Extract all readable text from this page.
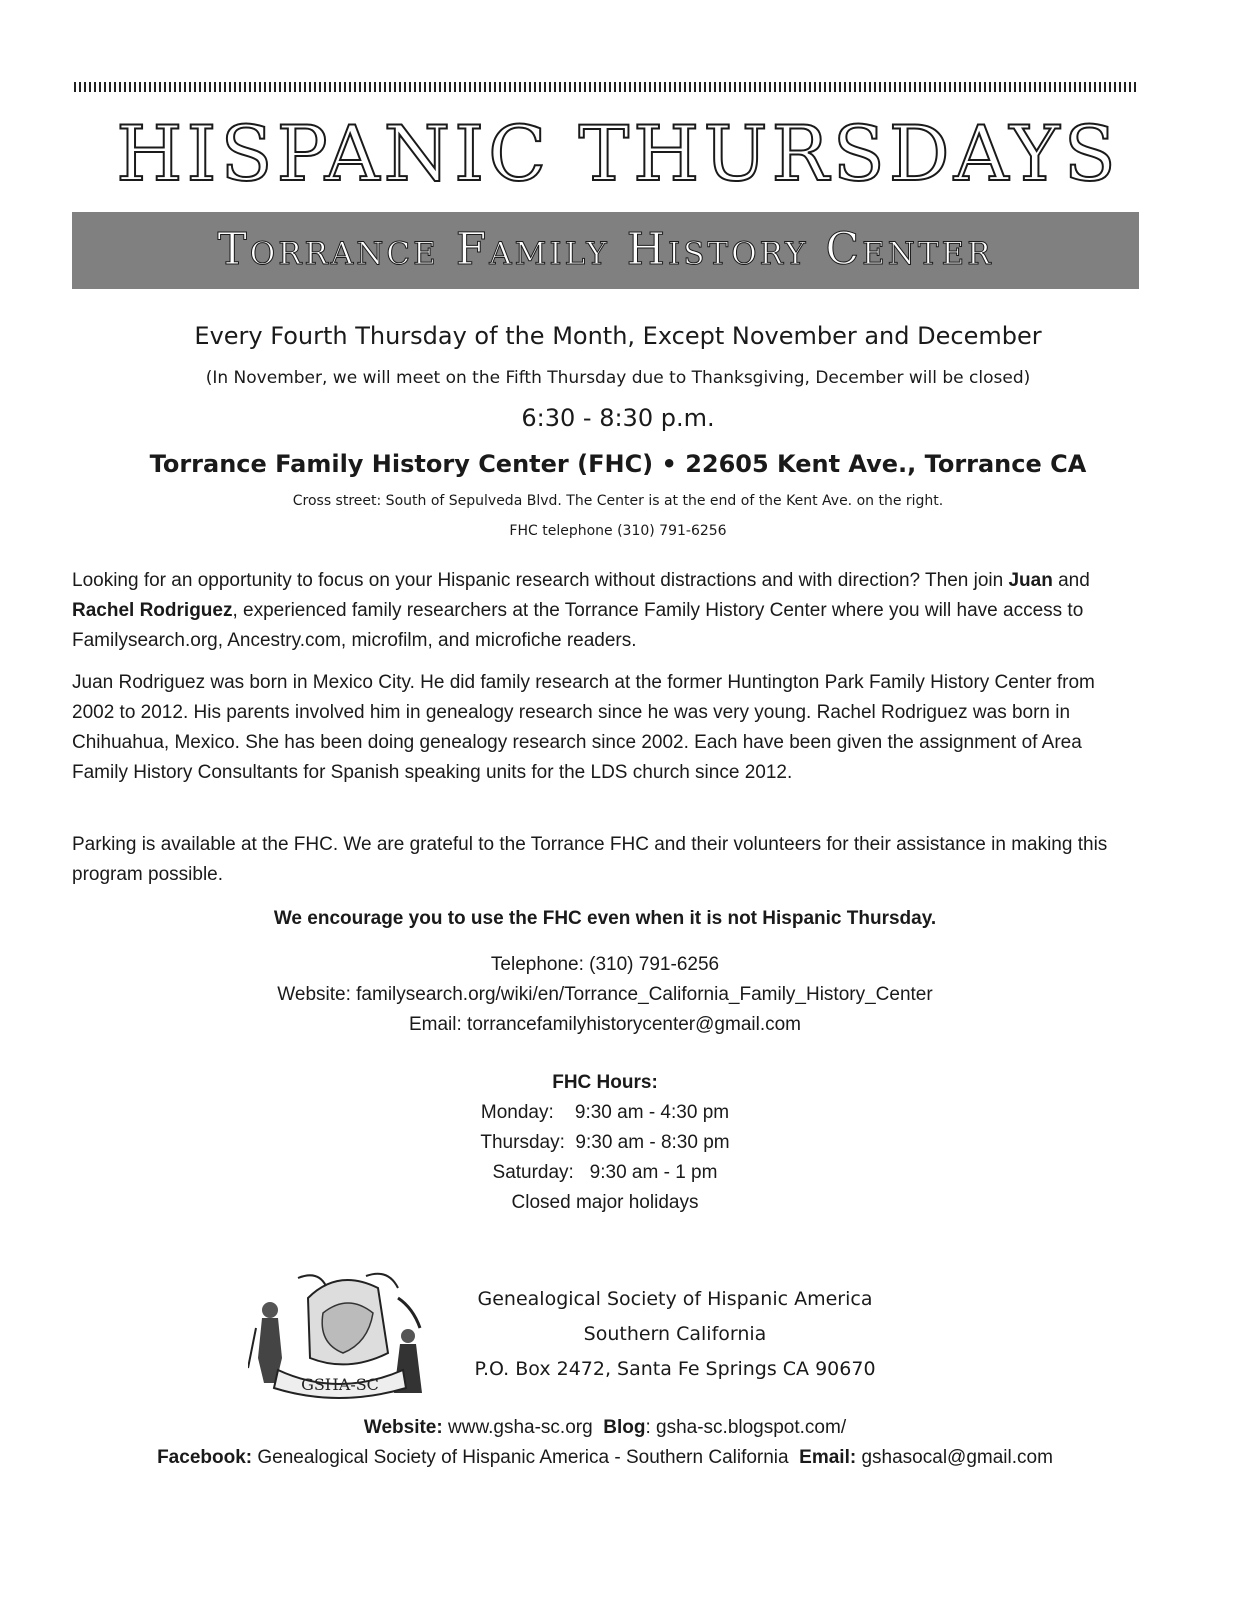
HISPANIC THURSDAYS
Torrance Family History Center
Every Fourth Thursday of the Month, Except November and December
(In November, we will meet on the Fifth Thursday due to Thanksgiving, December will be closed)
6:30 - 8:30 p.m.
Torrance Family History Center (FHC) • 22605 Kent Ave., Torrance CA
Cross street: South of Sepulveda Blvd. The Center is at the end of the Kent Ave. on the right.
FHC telephone (310) 791-6256
Looking for an opportunity to focus on your Hispanic research without distractions and with direction? Then join Juan and Rachel Rodriguez, experienced family researchers at the Torrance Family History Center where you will have access to Familysearch.org, Ancestry.com, microfilm, and microfiche readers.
Juan Rodriguez was born in Mexico City. He did family research at the former Huntington Park Family History Center from 2002 to 2012. His parents involved him in genealogy research since he was very young. Rachel Rodriguez was born in Chihuahua, Mexico. She has been doing genealogy research since 2002. Each have been given the assignment of Area Family History Consultants for Spanish speaking units for the LDS church since 2012.
Parking is available at the FHC. We are grateful to the Torrance FHC and their volunteers for their assistance in making this program possible.
We encourage you to use the FHC even when it is not Hispanic Thursday.
Telephone: (310) 791-6256
Website: familysearch.org/wiki/en/Torrance_California_Family_History_Center
Email: torrancefamilyhistorycenter@gmail.com
FHC Hours:
Monday:    9:30 am - 4:30 pm
Thursday:  9:30 am - 8:30 pm
Saturday:   9:30 am - 1 pm
Closed major holidays
GSHA-SC
Genealogical Society of Hispanic America
Southern California
P.O. Box 2472, Santa Fe Springs CA 90670
Website: www.gsha-sc.org Blog: gsha-sc.blogspot.com/
Facebook: Genealogical Society of Hispanic America - Southern California Email: gshasocal@gmail.com
